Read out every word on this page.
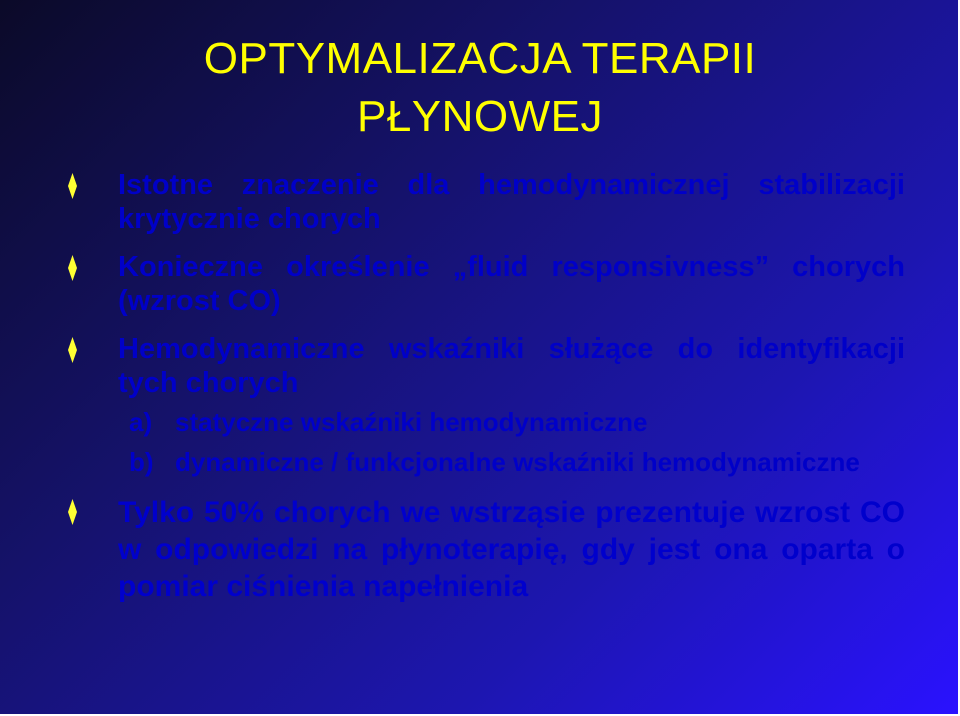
OPTYMALIZACJA TERAPII
PŁYNOWEJ
Istotne znaczenie dla hemodynamicznej stabilizacji krytycznie chorych
Konieczne określenie „fluid responsivness” chorych (wzrost CO)
Hemodynamiczne wskaźniki służące do identyfikacji tych chorych
a) statyczne wskaźniki hemodynamiczne
b) dynamiczne / funkcjonalne wskaźniki hemodynamiczne
Tylko 50% chorych we wstrząsie prezentuje wzrost CO w odpowiedzi na płynoterapię, gdy jest ona oparta o pomiar ciśnienia napełnienia
